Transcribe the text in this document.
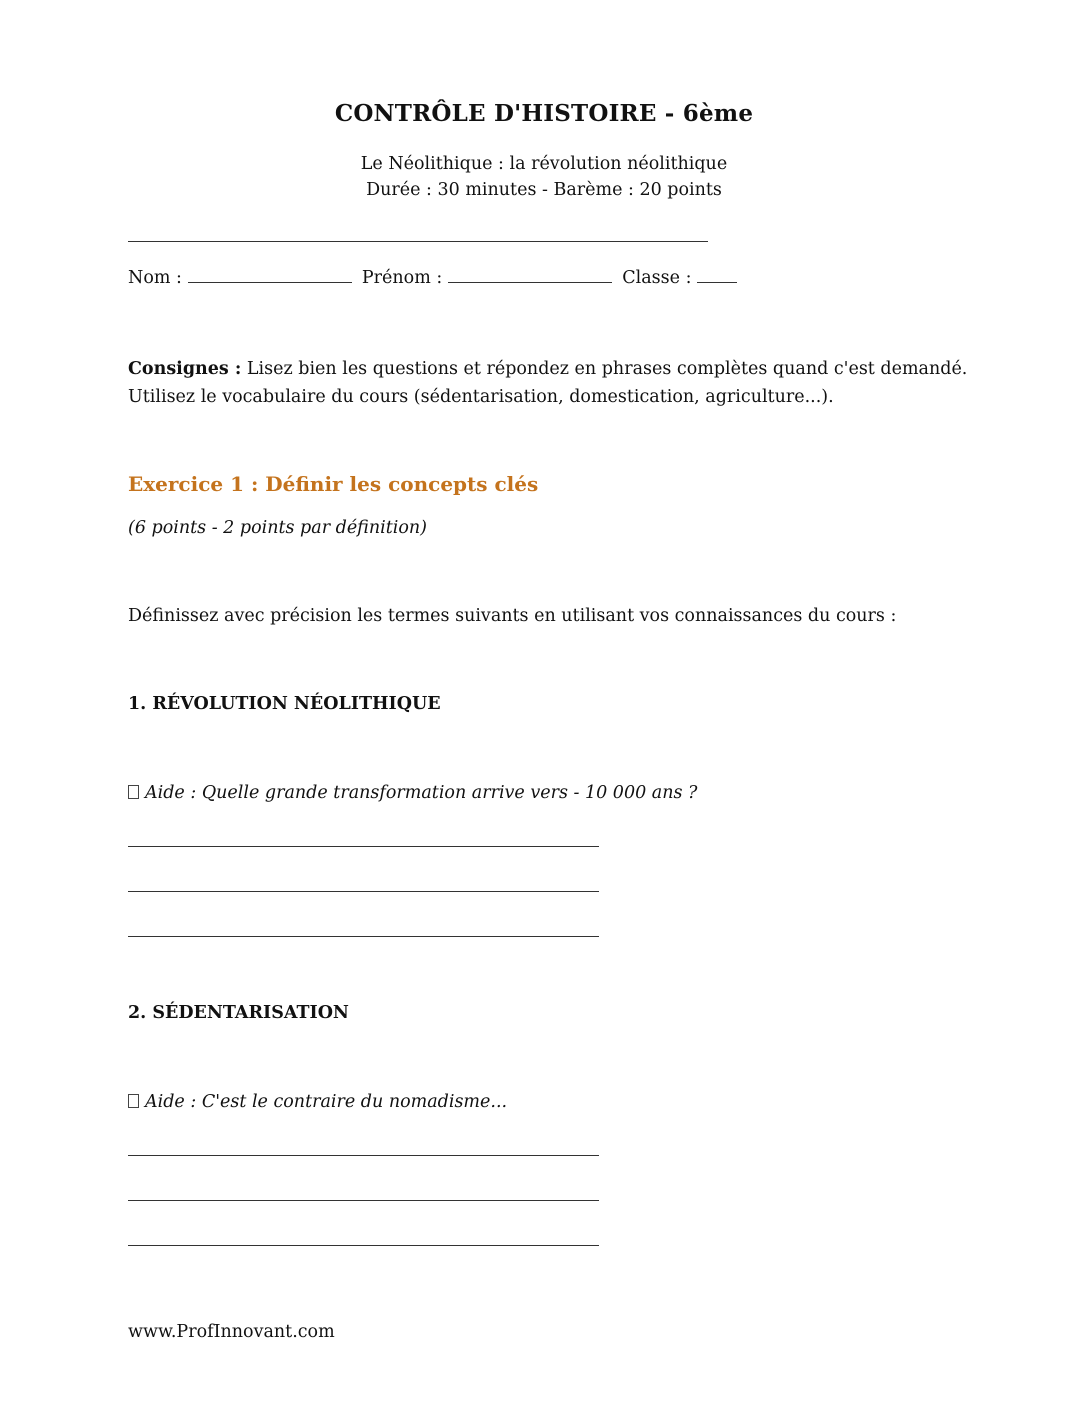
CONTRÔLE D'HISTOIRE - 6ème
Le Néolithique : la révolution néolithique
Durée : 30 minutes - Barème : 20 points
Nom :	Prénom :	Classe :
Consignes : Lisez bien les questions et répondez en phrases complètes quand c'est demandé.
Utilisez le vocabulaire du cours (sédentarisation, domestication, agriculture...).
Exercice 1 : Définir les concepts clés
(6 points - 2 points par définition)
Définissez avec précision les termes suivants en utilisant vos connaissances du cours :
1. RÉVOLUTION NÉOLITHIQUE
Aide : Quelle grande transformation arrive vers - 10 000 ans ?
2. SÉDENTARISATION
Aide : C'est le contraire du nomadisme...
www.ProfInnovant.com
